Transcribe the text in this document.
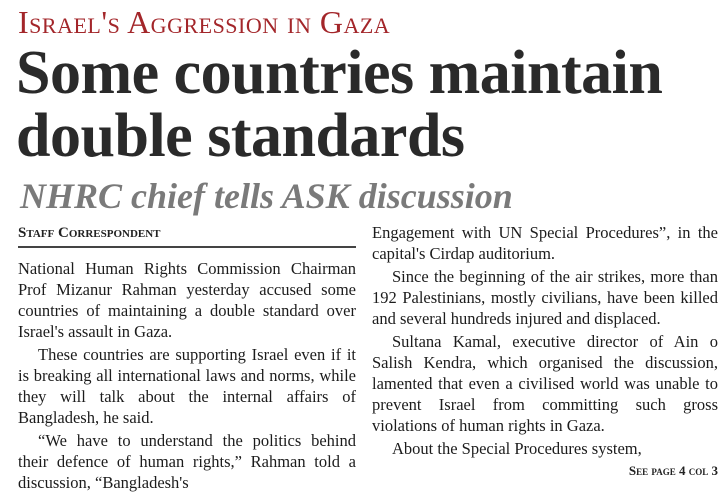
Israel's Aggression in Gaza
Some countries maintain
double standards
NHRC chief tells ASK discussion
Staff Correspondent

National Human Rights Commission Chairman Prof Mizanur Rahman yesterday accused some countries of maintaining a double standard over Israel's assault in Gaza.

These countries are supporting Israel even if it is breaking all international laws and norms, while they will talk about the internal affairs of Bangladesh, he said.

“We have to understand the politics behind their defence of human rights,” Rahman told a discussion, “Bangladesh's

Engagement with UN Special Procedures”, in the capital's Cirdap auditorium.

Since the beginning of the air strikes, more than 192 Palestinians, mostly civilians, have been killed and several hundreds injured and displaced.

Sultana Kamal, executive director of Ain o Salish Kendra, which organised the discussion, lamented that even a civilised world was unable to prevent Israel from committing such gross violations of human rights in Gaza.

About the Special Procedures system,

See page 4 col 3
